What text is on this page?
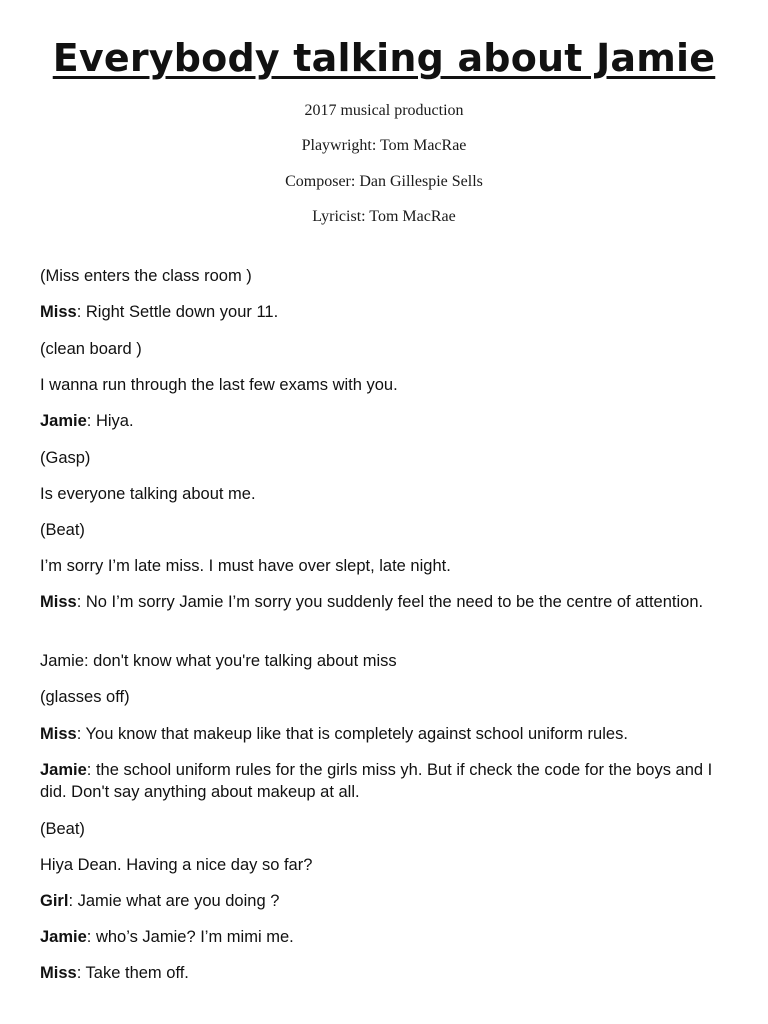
Everybody talking about Jamie
2017 musical production
Playwright: Tom MacRae
Composer: Dan Gillespie Sells
Lyricist: Tom MacRae
(Miss enters the class room )
Miss: Right Settle down your 11.
(clean board )
I wanna run through the last few exams with you.
Jamie: Hiya.
(Gasp)
Is everyone talking about me.
(Beat)
I’m sorry I’m late miss. I must have over slept, late night.
Miss: No I’m sorry Jamie I’m sorry you suddenly feel the need to be the centre of attention.
Jamie: don't know what you're talking about miss
(glasses off)
Miss: You know that makeup like that is completely against school uniform rules.
Jamie: the school uniform rules for the girls miss yh. But if check the code for the boys and I did. Don't say anything about makeup at all.
(Beat)
Hiya Dean. Having a nice day so far?
Girl: Jamie what are you doing ?
Jamie: who’s Jamie? I’m mimi me.
Miss: Take them off.
